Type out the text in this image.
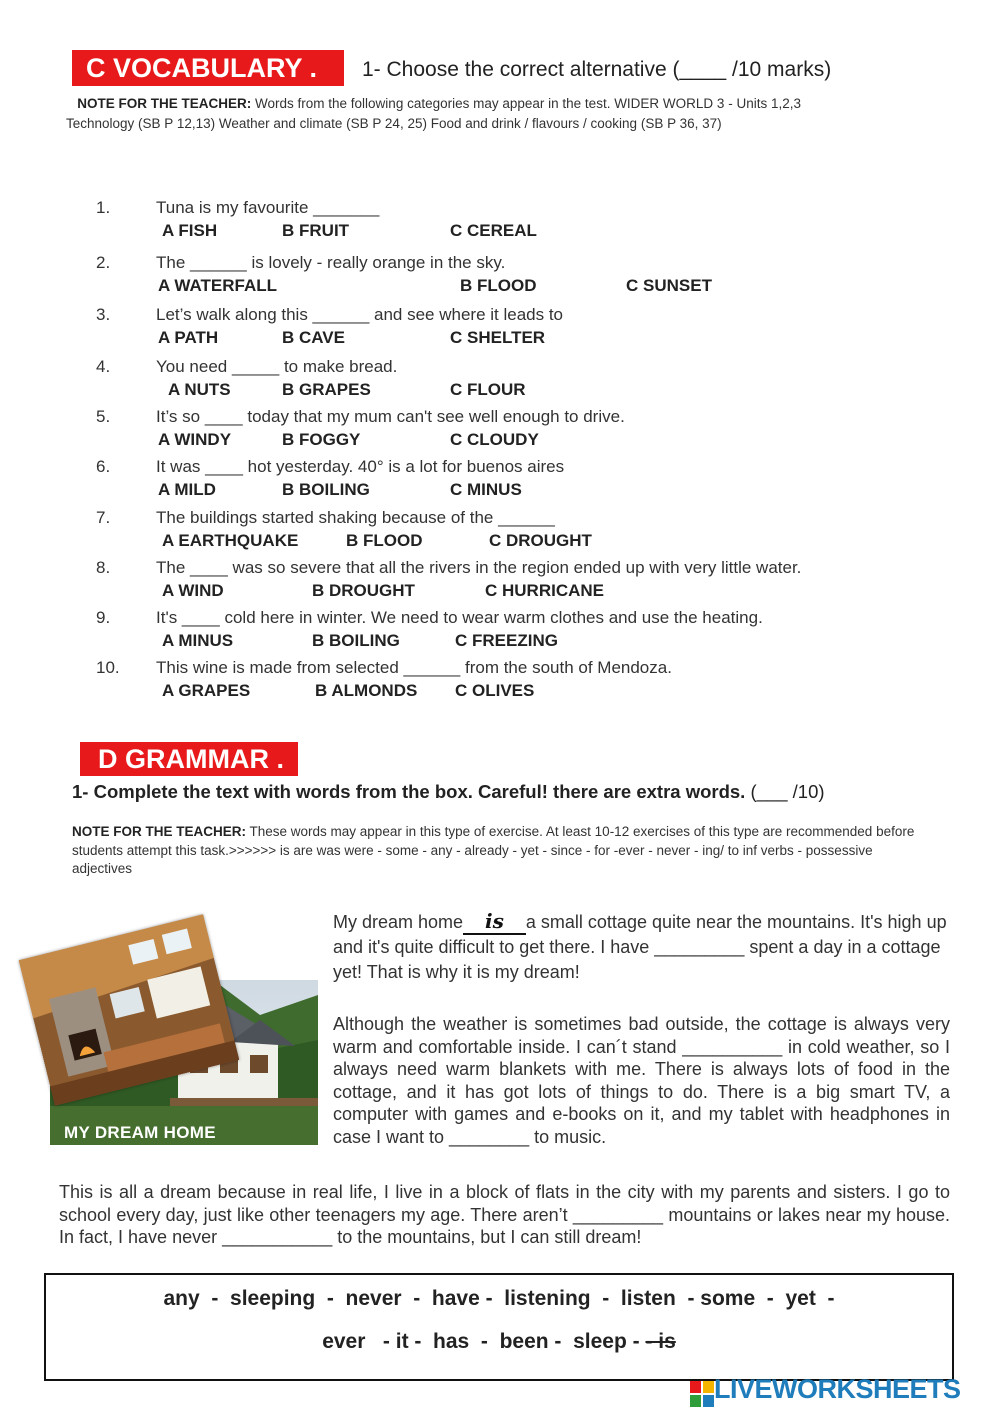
C VOCABULARY .	1- Choose the correct alternative (____ /10 marks)
NOTE FOR THE TEACHER: Words from the following categories may appear in the test. WIDER WORLD 3 - Units 1,2,3
Technology (SB P 12,13) Weather and climate (SB P 24, 25) Food and drink / flavours / cooking (SB P 36, 37)
1.	Tuna is my favourite _______
A FISH	B FRUIT	C CEREAL
2.	The ______ is lovely - really orange in the sky.
A WATERFALL	B FLOOD	C SUNSET
3.	Let’s walk along this ______ and see where it leads to
A PATH	B CAVE	C SHELTER
4.	You need _____ to make bread.
A NUTS	B GRAPES	C FLOUR
5.	It’s so ____ today that my mum can't see well enough to drive.
A WINDY	B FOGGY	C CLOUDY
6.	It was ____ hot yesterday. 40° is a lot for buenos aires
A MILD	B BOILING	C MINUS
7.	The buildings started shaking because of the ______
A EARTHQUAKE	B FLOOD	C DROUGHT
8.	The ____ was so severe that all the rivers in the region ended up with very little water.
A WIND	B DROUGHT	C HURRICANE
9.	It's ____ cold here in winter. We need to wear warm clothes and use the heating.
A MINUS	B BOILING	C FREEZING
10. This wine is made from selected ______ from the south of Mendoza.
A GRAPES	B ALMONDS C OLIVES
D GRAMMAR .
1- Complete the text with words from the box. Careful! there are extra words. (___ /10)
NOTE FOR THE TEACHER: These words may appear in this type of exercise. At least 10-12 exercises of this type are recommended before students attempt this task.>>>>>> is are was were - some - any - already - yet - since - for -ever - never - ing/ to inf verbs - possessive adjectives
MY DREAM HOME
My dream home is a small cottage quite near the mountains. It's high up and it's quite difficult to get there. I have _________ spent a day in a cottage yet! That is why it is my dream!
Although the weather is sometimes bad outside, the cottage is always very warm and comfortable inside. I can´t stand __________ in cold weather, so I always need warm blankets with me. There is always lots of food in the cottage, and it has got lots of things to do. There is a big smart TV, a computer with games and e-books on it, and my tablet with headphones in case I want to ________ to music.
This is all a dream because in real life, I live in a block of flats in the city with my parents and sisters. I go to school every day, just like other teenagers my age. There aren’t _________ mountains or lakes near my house. In fact, I have never ___________ to the mountains, but I can still dream!
any  -  sleeping  -  never  -  have -  listening  -  listen  - some  -  yet  -
ever   - it -  has  -  been -  sleep - - is
LIVEWORKSHEETS
